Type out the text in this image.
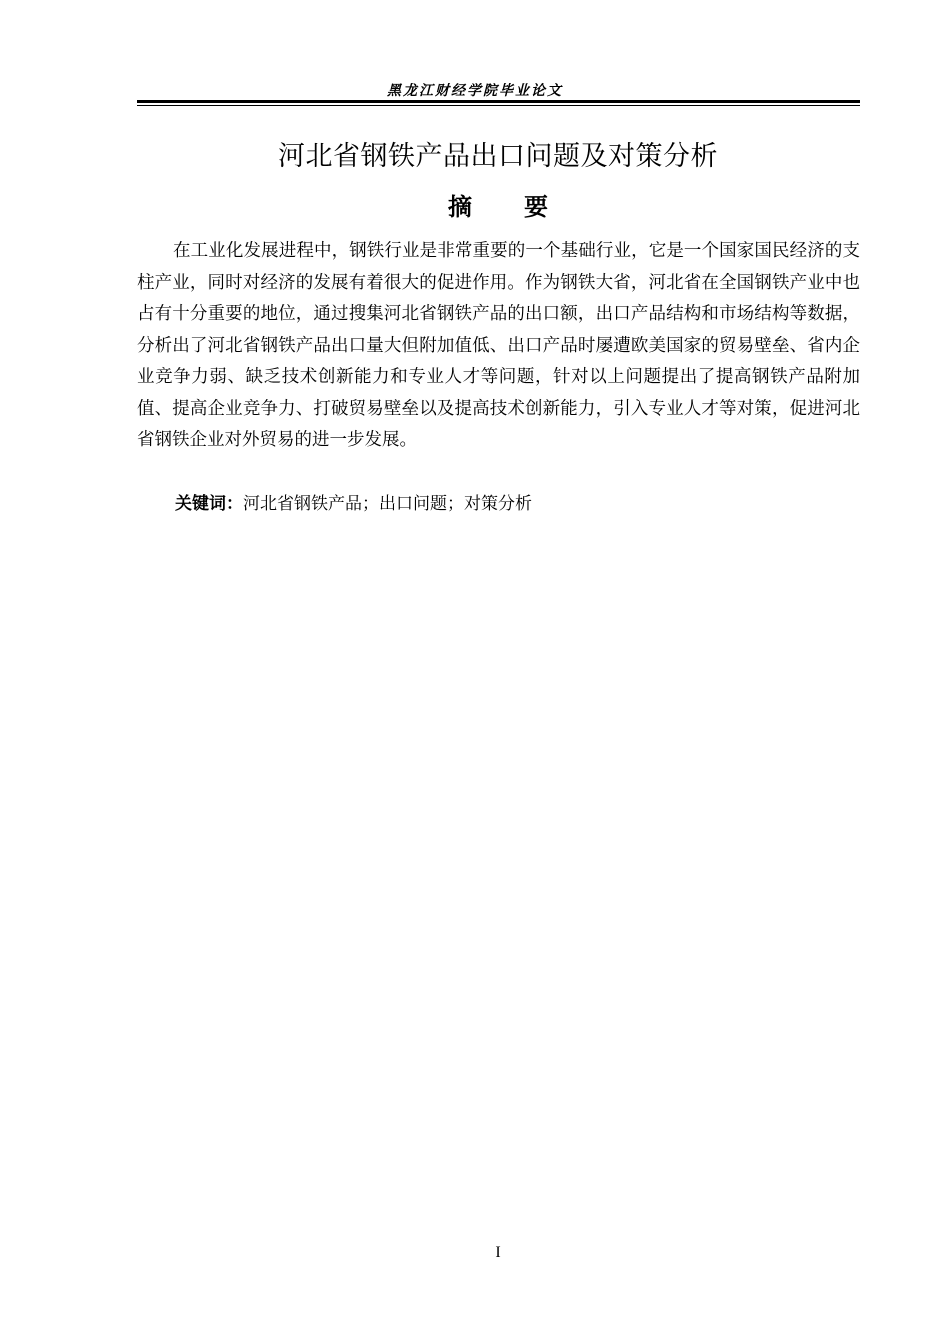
黑龙江财经学院毕业论文
河北省钢铁产品出口问题及对策分析
摘 要

在工业化发展进程中，钢铁行业是非常重要的一个基础行业，它是一个国家国民经济的支柱产业，同时对经济的发展有着很大的促进作用。作为钢铁大省，河北省在全国钢铁产业中也占有十分重要的地位，通过搜集河北省钢铁产品的出口额，出口产品结构和市场结构等数据，分析出了河北省钢铁产品出口量大但附加值低、出口产品时屡遭欧美国家的贸易壁垒、省内企业竞争力弱、缺乏技术创新能力和专业人才等问题，针对以上问题提出了提高钢铁产品附加值、提高企业竞争力、打破贸易壁垒以及提高技术创新能力，引入专业人才等对策，促进河北省钢铁企业对外贸易的进一步发展。

关键词：河北省钢铁产品；出口问题；对策分析
I
